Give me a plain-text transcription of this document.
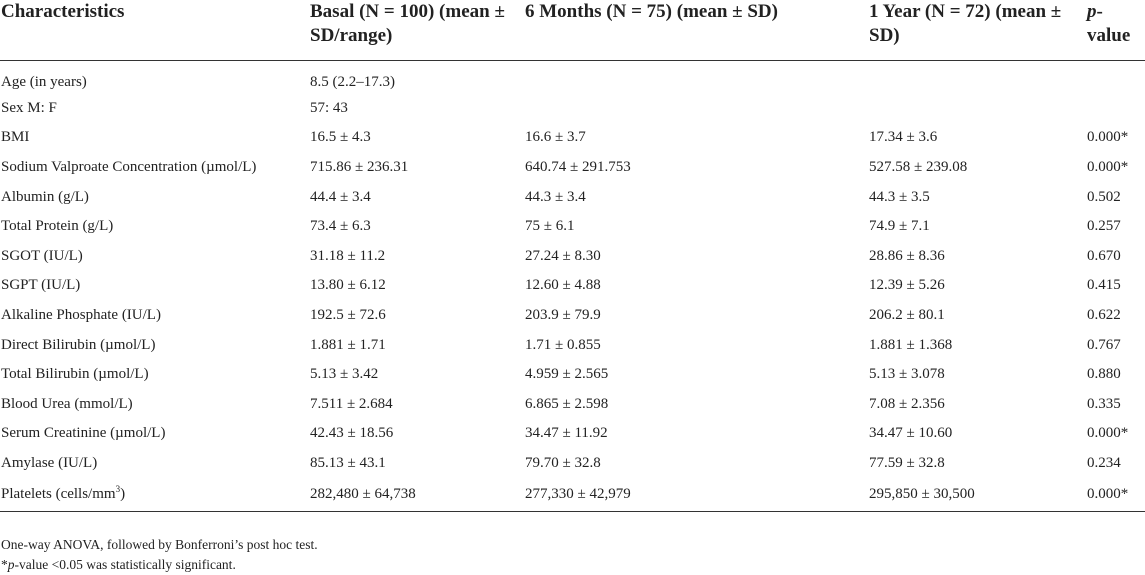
Characteristics	Basal (N = 100) (mean ± SD/range)	6 Months (N = 75) (mean ± SD)	1 Year (N = 72) (mean ± SD)	p-value
Age (in years)	8.5 (2.2–17.3)			
Sex M: F	57: 43			
BMI	16.5 ± 4.3	16.6 ± 3.7	17.34 ± 3.6	0.000*
Sodium Valproate Concentration (µmol/L)	715.86 ± 236.31	640.74 ± 291.753	527.58 ± 239.08	0.000*
Albumin (g/L)	44.4 ± 3.4	44.3 ± 3.4	44.3 ± 3.5	0.502
Total Protein (g/L)	73.4 ± 6.3	75 ± 6.1	74.9 ± 7.1	0.257
SGOT (IU/L)	31.18 ± 11.2	27.24 ± 8.30	28.86 ± 8.36	0.670
SGPT (IU/L)	13.80 ± 6.12	12.60 ± 4.88	12.39 ± 5.26	0.415
Alkaline Phosphate (IU/L)	192.5 ± 72.6	203.9 ± 79.9	206.2 ± 80.1	0.622
Direct Bilirubin (µmol/L)	1.881 ± 1.71	1.71 ± 0.855	1.881 ± 1.368	0.767
Total Bilirubin (µmol/L)	5.13 ± 3.42	4.959 ± 2.565	5.13 ± 3.078	0.880
Blood Urea (mmol/L)	7.511 ± 2.684	6.865 ± 2.598	7.08 ± 2.356	0.335
Serum Creatinine (µmol/L)	42.43 ± 18.56	34.47 ± 11.92	34.47 ± 10.60	0.000*
Amylase (IU/L)	85.13 ± 43.1	79.70 ± 32.8	77.59 ± 32.8	0.234
Platelets $(cells/mm^3)$	282,480 ± 64,738	277,330 ± 42,979	295,850 ± 30,500	0.000*
One-way ANOVA, followed by Bonferroni’s post hoc test.
*p-value <0.05 was statistically significant.
